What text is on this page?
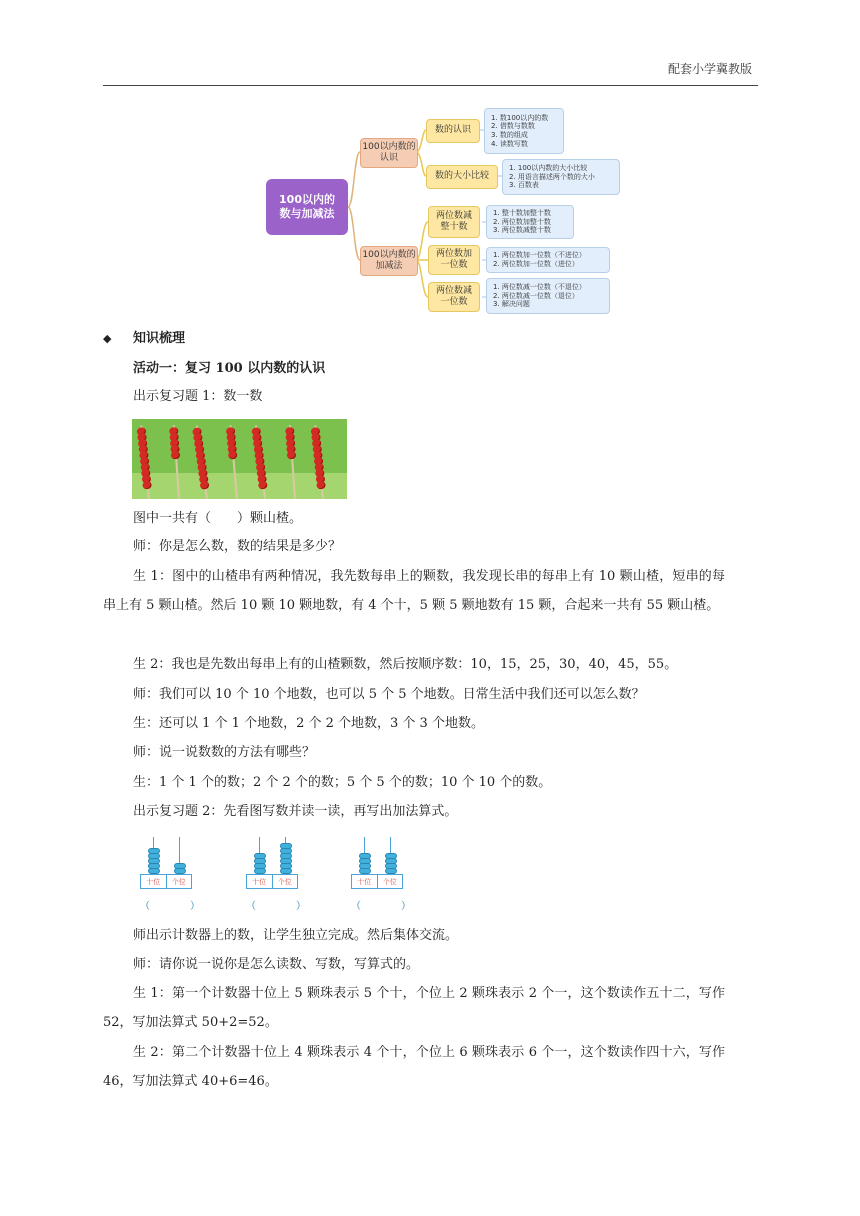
配套小学冀教版
100以内的数与加减法
100以内数的认识
100以内数的加减法
数的认识
数的大小比较
两位数减整十数
两位数加一位数
两位数减一位数
1. 数100以内的数
2. 借数与数数
3. 数的组成
4. 读数写数
1. 100以内数的大小比较
2. 用语言描述两个数的大小
3. 百数表
1. 整十数加整十数
2. 两位数加整十数
3. 两位数减整十数
1. 两位数加一位数（不进位）
2. 两位数加一位数（进位）
1. 两位数减一位数（不退位）
2. 两位数减一位数（退位）
3. 解决问题
◆ 知识梳理
活动一：复习 100 以内数的认识
出示复习题 1：数一数
图中一共有（　　）颗山楂。
师：你是怎么数，数的结果是多少？
生 1：图中的山楂串有两种情况，我先数每串上的颗数，我发现长串的每串上有 10 颗山楂，短串的每串上有 5 颗山楂。然后 10 颗 10 颗地数，有 4 个十，5 颗 5 颗地数有 15 颗，合起来一共有 55 颗山楂。
生 2：我也是先数出每串上有的山楂颗数，然后按顺序数：10，15，25，30，40，45，55。
师：我们可以 10 个 10 个地数，也可以 5 个 5 个地数。日常生活中我们还可以怎么数？
生：还可以 1 个 1 个地数，2 个 2 个地数，3 个 3 个地数。
师：说一说数数的方法有哪些？
生：1 个 1 个的数；2 个 2 个的数；5 个 5 个的数；10 个 10 个的数。
出示复习题 2：先看图写数并读一读，再写出加法算式。
十位	个位	十位	个位	十位	个位
（　　　　）	（　　　　）	（　　　　）
师出示计数器上的数，让学生独立完成。然后集体交流。
师：请你说一说你是怎么读数、写数，写算式的。
生 1：第一个计数器十位上 5 颗珠表示 5 个十，个位上 2 颗珠表示 2 个一，这个数读作五十二，写作 52，写加法算式 50+2=52。
生 2：第二个计数器十位上 4 颗珠表示 4 个十，个位上 6 颗珠表示 6 个一，这个数读作四十六，写作 46，写加法算式 40+6=46。
